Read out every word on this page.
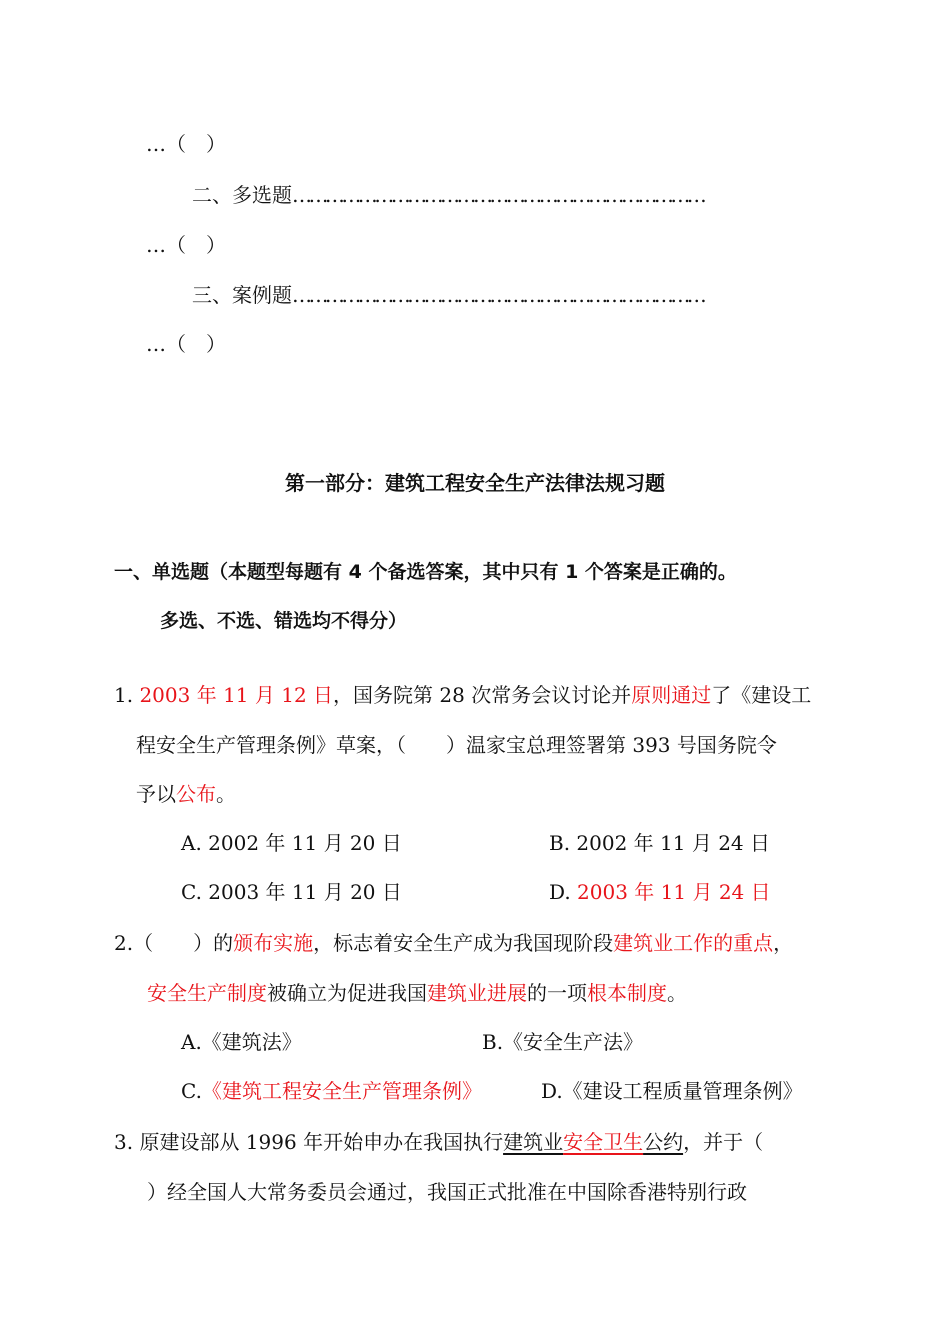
…（　）
二、多选题…………………………………………………………………
…（　）
三、案例题…………………………………………………………………
…（　）
第一部分：建筑工程安全生产法律法规习题
一、单选题（本题型每题有 4 个备选答案，其中只有 1 个答案是正确的。
多选、不选、错选均不得分）
1. 2003 年 11 月 12 日，国务院第 28 次常务会议讨论并原则通过了《建设工
程安全生产管理条例》草案，（　　）温家宝总理签署第 393 号国务院令
予以公布。
A. 2002 年 11 月 20 日	B. 2002 年 11 月 24 日
C. 2003 年 11 月 20 日	D. 2003 年 11 月 24 日
2.（　　）的颁布实施，标志着安全生产成为我国现阶段建筑业工作的重点，
安全生产制度被确立为促进我国建筑业进展的一项根本制度。
A.《建筑法》	B.《安全生产法》
C.《建筑工程安全生产管理条例》	D.《建设工程质量管理条例》
3. 原建设部从 1996 年开始申办在我国执行建筑业安全卫生公约，并于（
）经全国人大常务委员会通过，我国正式批准在中国除香港特别行政
